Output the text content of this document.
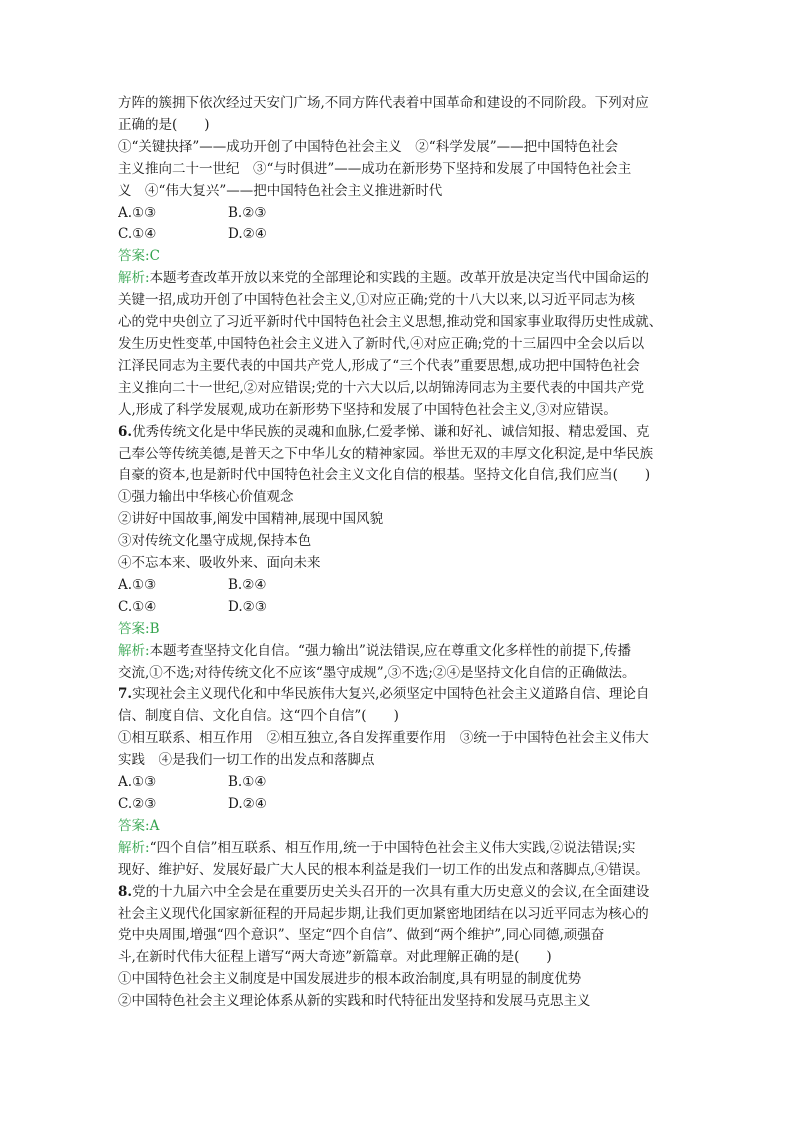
方阵的簇拥下依次经过天安门广场,不同方阵代表着中国革命和建设的不同阶段。下列对应
正确的是(　　)
①“关键抉择”——成功开创了中国特色社会主义　②“科学发展”——把中国特色社会
主义推向二十一世纪　③“与时俱进”——成功在新形势下坚持和发展了中国特色社会主
义　④“伟大复兴”——把中国特色社会主义推进新时代
A.①③	B.②③
C.①④	D.②④
答案:C
解析:本题考查改革开放以来党的全部理论和实践的主题。改革开放是决定当代中国命运的
关键一招,成功开创了中国特色社会主义,①对应正确;党的十八大以来,以习近平同志为核
心的党中央创立了习近平新时代中国特色社会主义思想,推动党和国家事业取得历史性成就、
发生历史性变革,中国特色社会主义进入了新时代,④对应正确;党的十三届四中全会以后以
江泽民同志为主要代表的中国共产党人,形成了“三个代表”重要思想,成功把中国特色社会
主义推向二十一世纪,②对应错误;党的十六大以后,以胡锦涛同志为主要代表的中国共产党
人,形成了科学发展观,成功在新形势下坚持和发展了中国特色社会主义,③对应错误。
6.优秀传统文化是中华民族的灵魂和血脉,仁爱孝悌、谦和好礼、诚信知报、精忠爱国、克
己奉公等传统美德,是普天之下中华儿女的精神家园。举世无双的丰厚文化积淀,是中华民族
自豪的资本,也是新时代中国特色社会主义文化自信的根基。坚持文化自信,我们应当(　　)
①强力输出中华核心价值观念
②讲好中国故事,阐发中国精神,展现中国风貌
③对传统文化墨守成规,保持本色
④不忘本来、吸收外来、面向未来
A.①③	B.②④
C.①④	D.②③
答案:B
解析:本题考查坚持文化自信。“强力输出”说法错误,应在尊重文化多样性的前提下,传播
交流,①不选;对待传统文化不应该“墨守成规”,③不选;②④是坚持文化自信的正确做法。
7.实现社会主义现代化和中华民族伟大复兴,必须坚定中国特色社会主义道路自信、理论自
信、制度自信、文化自信。这“四个自信”(　　)
①相互联系、相互作用　②相互独立,各自发挥重要作用　③统一于中国特色社会主义伟大
实践　④是我们一切工作的出发点和落脚点
A.①③	B.①④
C.②③	D.②④
答案:A
解析:“四个自信”相互联系、相互作用,统一于中国特色社会主义伟大实践,②说法错误;实
现好、维护好、发展好最广大人民的根本利益是我们一切工作的出发点和落脚点,④错误。
8.党的十九届六中全会是在重要历史关头召开的一次具有重大历史意义的会议,在全面建设
社会主义现代化国家新征程的开局起步期,让我们更加紧密地团结在以习近平同志为核心的
党中央周围,增强“四个意识”、坚定“四个自信”、做到“两个维护”,同心同德,顽强奋
斗,在新时代伟大征程上谱写“两大奇迹”新篇章。对此理解正确的是(　　)
①中国特色社会主义制度是中国发展进步的根本政治制度,具有明显的制度优势
②中国特色社会主义理论体系从新的实践和时代特征出发坚持和发展马克思主义
